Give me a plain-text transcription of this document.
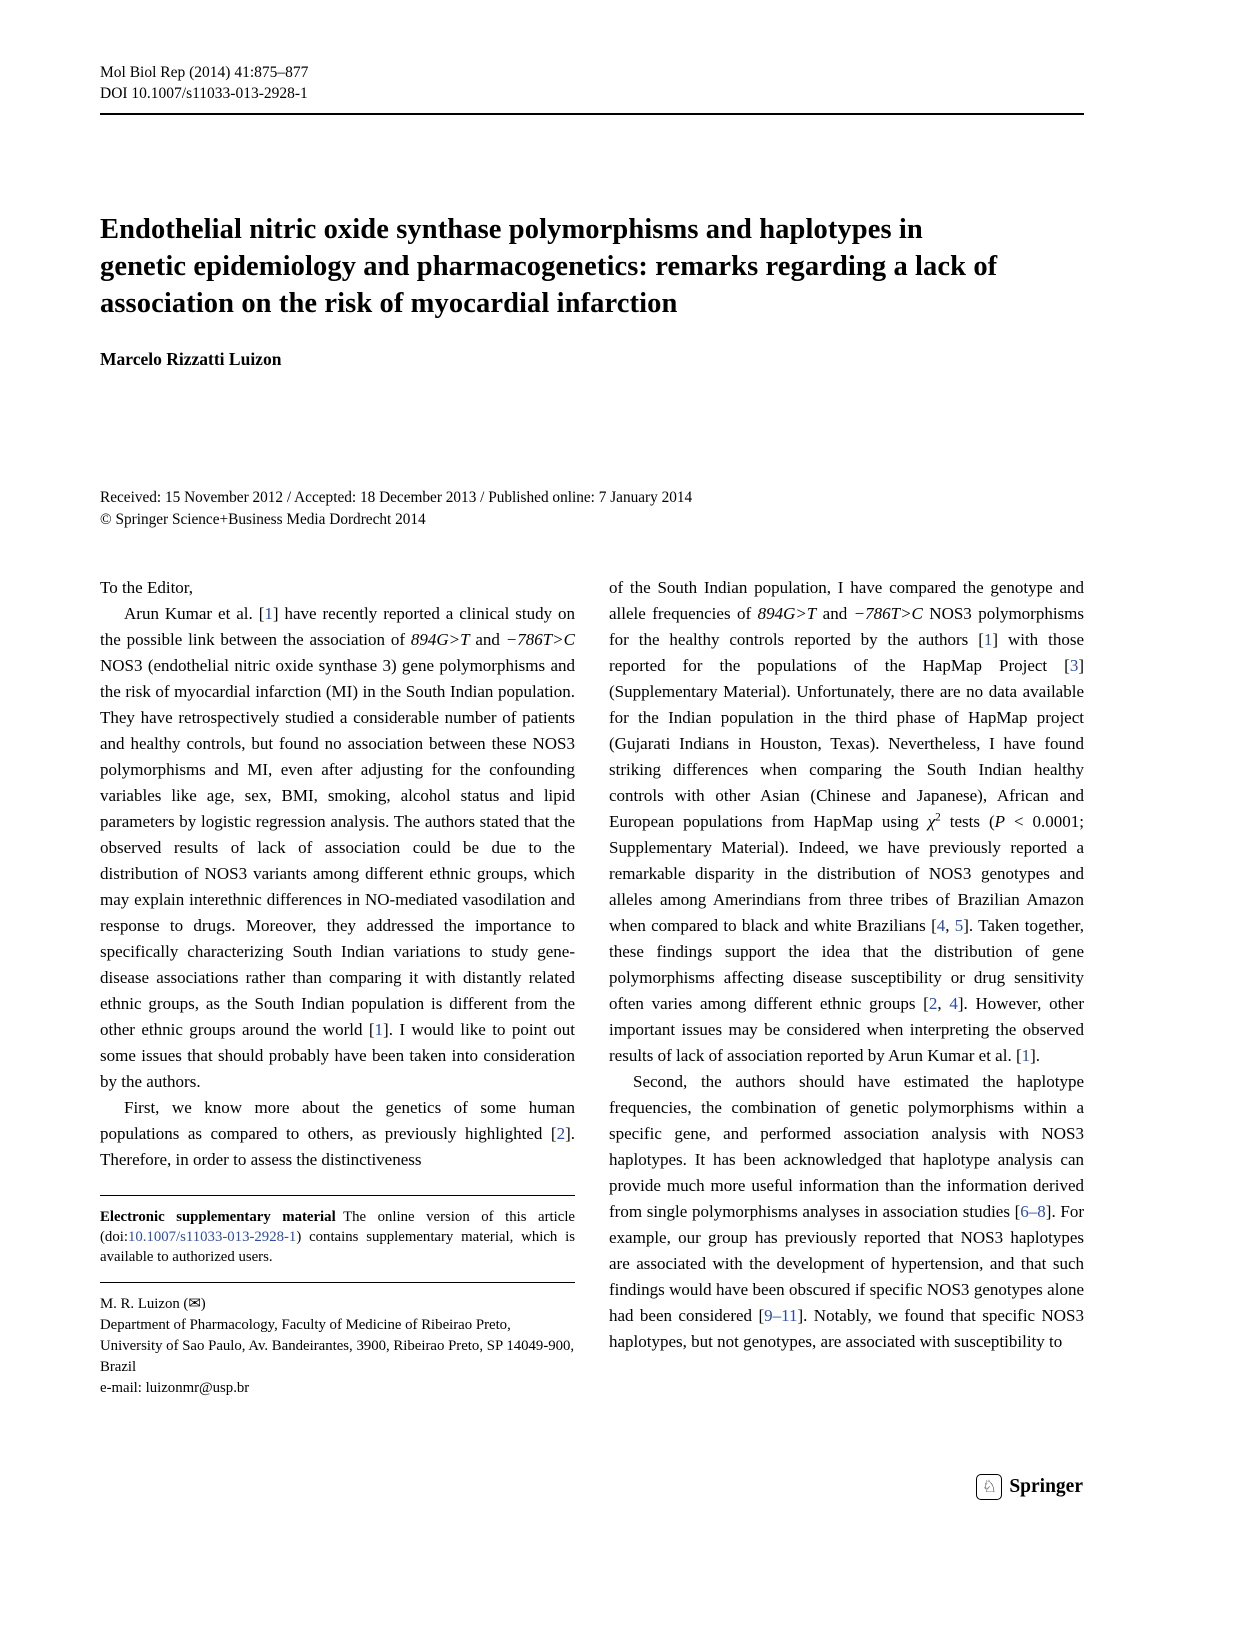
Mol Biol Rep (2014) 41:875–877
DOI 10.1007/s11033-013-2928-1
Endothelial nitric oxide synthase polymorphisms and haplotypes in genetic epidemiology and pharmacogenetics: remarks regarding a lack of association on the risk of myocardial infarction
Marcelo Rizzatti Luizon
Received: 15 November 2012 / Accepted: 18 December 2013 / Published online: 7 January 2014
© Springer Science+Business Media Dordrecht 2014

To the Editor,

Arun Kumar et al. [1] have recently reported a clinical study on the possible link between the association of 894G>T and −786T>C NOS3 (endothelial nitric oxide synthase 3) gene polymorphisms and the risk of myocardial infarction (MI) in the South Indian population. They have retrospectively studied a considerable number of patients and healthy controls, but found no association between these NOS3 polymorphisms and MI, even after adjusting for the confounding variables like age, sex, BMI, smoking, alcohol status and lipid parameters by logistic regression analysis. The authors stated that the observed results of lack of association could be due to the distribution of NOS3 variants among different ethnic groups, which may explain interethnic differences in NO-mediated vasodilation and response to drugs. Moreover, they addressed the importance to specifically characterizing South Indian variations to study gene-disease associations rather than comparing it with distantly related ethnic groups, as the South Indian population is different from the other ethnic groups around the world [1]. I would like to point out some issues that should probably have been taken into consideration by the authors.

First, we know more about the genetics of some human populations as compared to others, as previously highlighted [2]. Therefore, in order to assess the distinctiveness

Electronic supplementary material The online version of this article (doi:10.1007/s11033-013-2928-1) contains supplementary material, which is available to authorized users.

M. R. Luizon (✉)

Department of Pharmacology, Faculty of Medicine of Ribeirao Preto, University of Sao Paulo, Av. Bandeirantes, 3900, Ribeirao Preto, SP 14049-900, Brazil

e-mail: luizonmr@usp.br

of the South Indian population, I have compared the genotype and allele frequencies of 894G>T and −786T>C NOS3 polymorphisms for the healthy controls reported by the authors [1] with those reported for the populations of the HapMap Project [3] (Supplementary Material). Unfortunately, there are no data available for the Indian population in the third phase of HapMap project (Gujarati Indians in Houston, Texas). Nevertheless, I have found striking differences when comparing the South Indian healthy controls with other Asian (Chinese and Japanese), African and European populations from HapMap using $\chi^2$ tests (P < 0.0001; Supplementary Material). Indeed, we have previously reported a remarkable disparity in the distribution of NOS3 genotypes and alleles among Amerindians from three tribes of Brazilian Amazon when compared to black and white Brazilians [4, 5]. Taken together, these findings support the idea that the distribution of gene polymorphisms affecting disease susceptibility or drug sensitivity often varies among different ethnic groups [2, 4]. However, other important issues may be considered when interpreting the observed results of lack of association reported by Arun Kumar et al. [1].

Second, the authors should have estimated the haplotype frequencies, the combination of genetic polymorphisms within a specific gene, and performed association analysis with NOS3 haplotypes. It has been acknowledged that haplotype analysis can provide much more useful information than the information derived from single polymorphisms analyses in association studies [6–8]. For example, our group has previously reported that NOS3 haplotypes are associated with the development of hypertension, and that such findings would have been obscured if specific NOS3 genotypes alone had been considered [9–11]. Notably, we found that specific NOS3 haplotypes, but not genotypes, are associated with susceptibility to

♘ Springer
